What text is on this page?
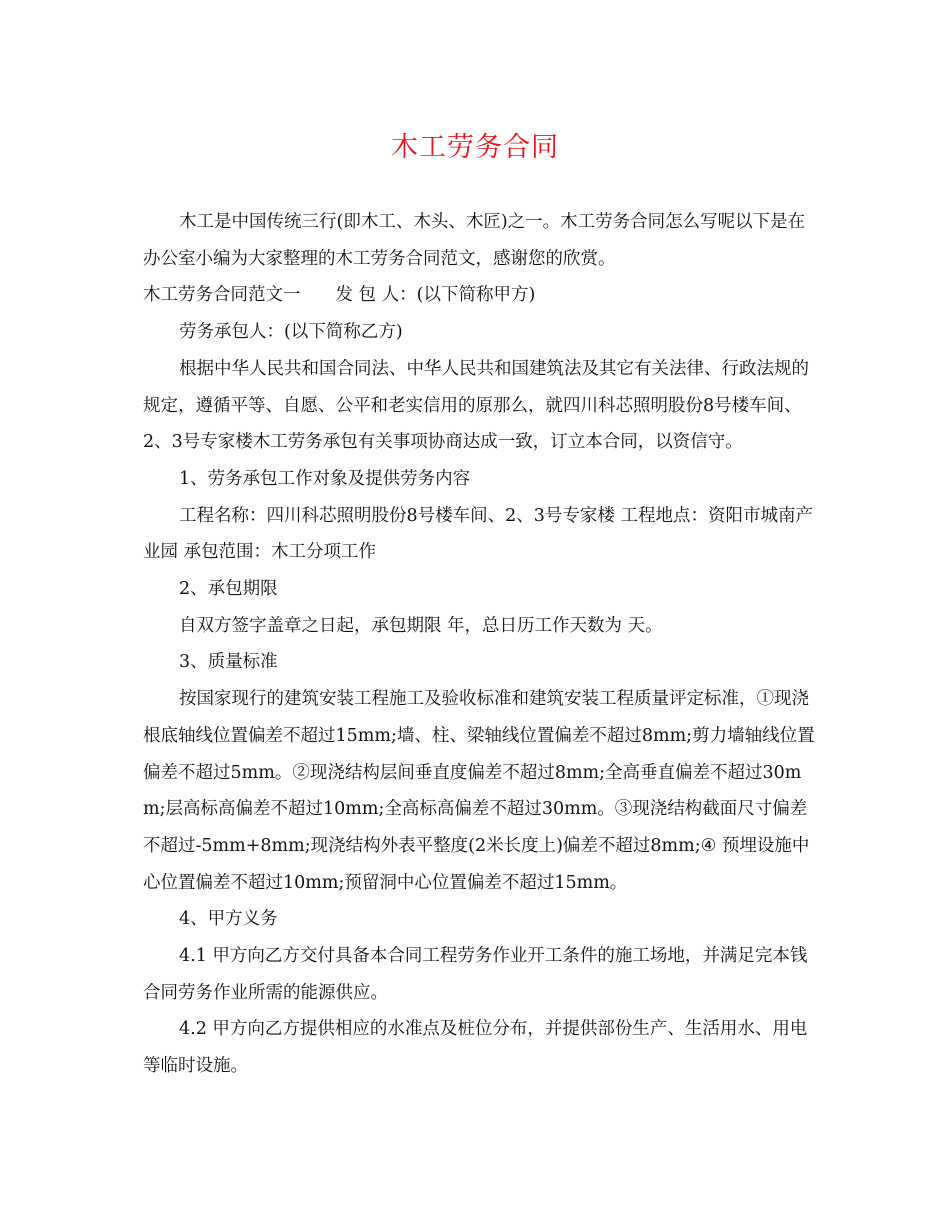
木工劳务合同

木工是中国传统三行(即木工、木头、木匠)之一。木工劳务合同怎么写呢以下是在办公室小编为大家整理的木工劳务合同范文，感谢您的欣赏。

木工劳务合同范文一　　发 包 人：(以下简称甲方)

劳务承包人：(以下简称乙方)

根据中华人民共和国合同法、中华人民共和国建筑法及其它有关法律、行政法规的规定，遵循平等、自愿、公平和老实信用的原那么，就四川科芯照明股份8号楼车间、2、3号专家楼木工劳务承包有关事项协商达成一致，订立本合同，以资信守。

1、劳务承包工作对象及提供劳务内容

工程名称：四川科芯照明股份8号楼车间、2、3号专家楼 工程地点：资阳市城南产业园 承包范围：木工分项工作

2、承包期限

自双方签字盖章之日起，承包期限 年，总日历工作天数为 天。

3、质量标准

按国家现行的建筑安装工程施工及验收标准和建筑安装工程质量评定标准，①现浇根底轴线位置偏差不超过15mm;墙、柱、梁轴线位置偏差不超过8mm;剪力墙轴线位置偏差不超过5mm。②现浇结构层间垂直度偏差不超过8mm;全高垂直偏差不超过30mm;层高标高偏差不超过10mm;全高标高偏差不超过30mm。③现浇结构截面尺寸偏差不超过-5mm+8mm;现浇结构外表平整度(2米长度上)偏差不超过8mm;④ 预埋设施中心位置偏差不超过10mm;预留洞中心位置偏差不超过15mm。

4、甲方义务

4.1 甲方向乙方交付具备本合同工程劳务作业开工条件的施工场地，并满足完本钱合同劳务作业所需的能源供应。

4.2 甲方向乙方提供相应的水准点及桩位分布，并提供部份生产、生活用水、用电等临时设施。
